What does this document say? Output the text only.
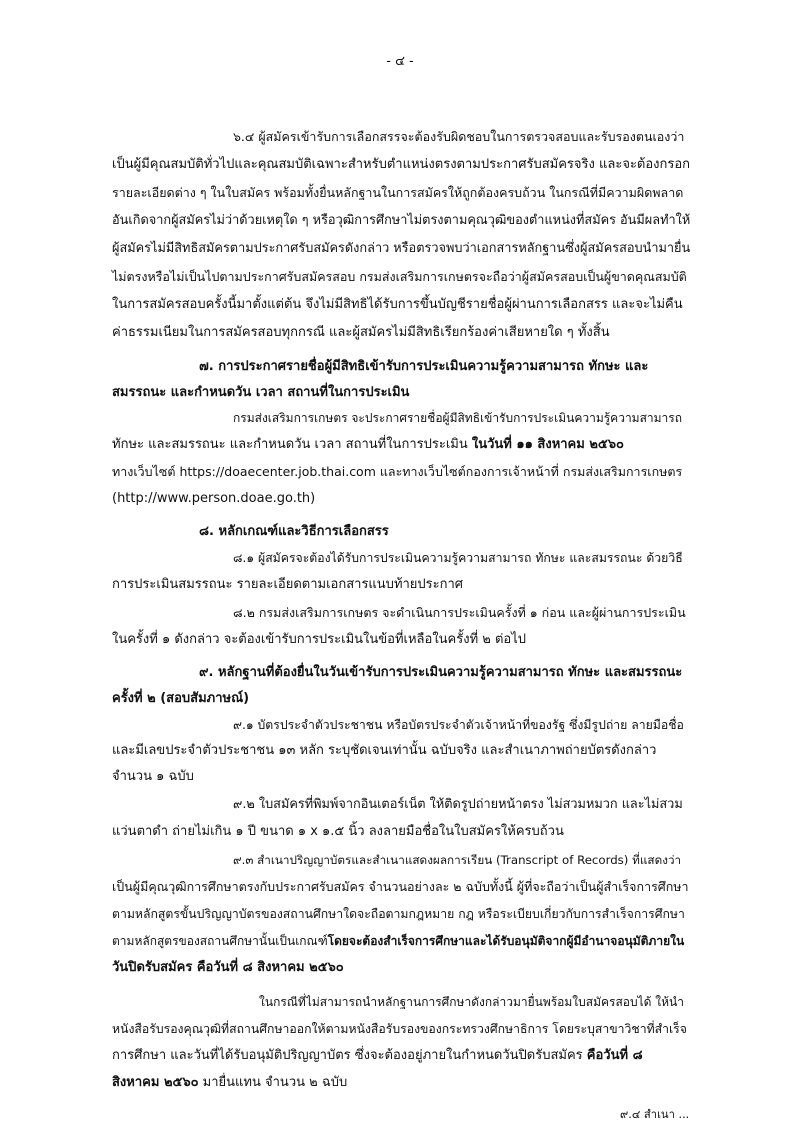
- ๔ -
๖.๔ ผู้สมัครเข้ารับการเลือกสรรจะต้องรับผิดชอบในการตรวจสอบและรับรองตนเองว่า
เป็นผู้มีคุณสมบัติทั่วไปและคุณสมบัติเฉพาะสำหรับตำแหน่งตรงตามประกาศรับสมัครจริง และจะต้องกรอก
รายละเอียดต่าง ๆ ในใบสมัคร พร้อมทั้งยื่นหลักฐานในการสมัครให้ถูกต้องครบถ้วน ในกรณีที่มีความผิดพลาด
อันเกิดจากผู้สมัครไม่ว่าด้วยเหตุใด ๆ หรือวุฒิการศึกษาไม่ตรงตามคุณวุฒิของตำแหน่งที่สมัคร อันมีผลทำให้
ผู้สมัครไม่มีสิทธิสมัครตามประกาศรับสมัครดังกล่าว หรือตรวจพบว่าเอกสารหลักฐานซึ่งผู้สมัครสอบนำมายื่น
ไม่ตรงหรือไม่เป็นไปตามประกาศรับสมัครสอบ กรมส่งเสริมการเกษตรจะถือว่าผู้สมัครสอบเป็นผู้ขาดคุณสมบัติ
ในการสมัครสอบครั้งนี้มาตั้งแต่ต้น จึงไม่มีสิทธิได้รับการขึ้นบัญชีรายชื่อผู้ผ่านการเลือกสรร และจะไม่คืน
ค่าธรรมเนียมในการสมัครสอบทุกกรณี และผู้สมัครไม่มีสิทธิเรียกร้องค่าเสียหายใด ๆ ทั้งสิ้น
๗. การประกาศรายชื่อผู้มีสิทธิเข้ารับการประเมินความรู้ความสามารถ ทักษะ และ
สมรรถนะ และกำหนดวัน เวลา สถานที่ในการประเมิน
กรมส่งเสริมการเกษตร จะประกาศรายชื่อผู้มีสิทธิเข้ารับการประเมินความรู้ความสามารถ
ทักษะ และสมรรถนะ และกำหนดวัน เวลา สถานที่ในการประเมิน ในวันที่ ๑๑ สิงหาคม ๒๕๖๐
ทางเว็บไซต์ https://doaecenter.job.thai.com และทางเว็บไซต์กองการเจ้าหน้าที่ กรมส่งเสริมการเกษตร
(http://www.person.doae.go.th)
๘. หลักเกณฑ์และวิธีการเลือกสรร
๘.๑ ผู้สมัครจะต้องได้รับการประเมินความรู้ความสามารถ ทักษะ และสมรรถนะ ด้วยวิธี
การประเมินสมรรถนะ รายละเอียดตามเอกสารแนบท้ายประกาศ
๘.๒ กรมส่งเสริมการเกษตร จะดำเนินการประเมินครั้งที่ ๑ ก่อน และผู้ผ่านการประเมิน
ในครั้งที่ ๑ ดังกล่าว จะต้องเข้ารับการประเมินในข้อที่เหลือในครั้งที่ ๒ ต่อไป
๙. หลักฐานที่ต้องยื่นในวันเข้ารับการประเมินความรู้ความสามารถ ทักษะ และสมรรถนะ
ครั้งที่ ๒ (สอบสัมภาษณ์)
๙.๑ บัตรประจำตัวประชาชน หรือบัตรประจำตัวเจ้าหน้าที่ของรัฐ ซึ่งมีรูปถ่าย ลายมือชื่อ
และมีเลขประจำตัวประชาชน ๑๓ หลัก ระบุชัดเจนเท่านั้น ฉบับจริง และสำเนาภาพถ่ายบัตรดังกล่าว
จำนวน ๑ ฉบับ
๙.๒ ใบสมัครที่พิมพ์จากอินเตอร์เน็ต ให้ติดรูปถ่ายหน้าตรง ไม่สวมหมวก และไม่สวม
แว่นตาดำ ถ่ายไม่เกิน ๑ ปี ขนาด ๑ x ๑.๕ นิ้ว ลงลายมือชื่อในใบสมัครให้ครบถ้วน
๙.๓ สำเนาปริญญาบัตรและสำเนาแสดงผลการเรียน (Transcript of Records) ที่แสดงว่า
เป็นผู้มีคุณวุฒิการศึกษาตรงกับประกาศรับสมัคร จำนวนอย่างละ ๒ ฉบับทั้งนี้ ผู้ที่จะถือว่าเป็นผู้สำเร็จการศึกษา
ตามหลักสูตรขั้นปริญญาบัตรของสถานศึกษาใดจะถือตามกฎหมาย กฎ หรือระเบียบเกี่ยวกับการสำเร็จการศึกษา
ตามหลักสูตรของสถานศึกษานั้นเป็นเกณฑ์โดยจะต้องสำเร็จการศึกษาและได้รับอนุมัติจากผู้มีอำนาจอนุมัติภายใน
วันปิดรับสมัคร คือวันที่ ๘ สิงหาคม ๒๕๖๐
ในกรณีที่ไม่สามารถนำหลักฐานการศึกษาดังกล่าวมายื่นพร้อมใบสมัครสอบได้ ให้นำ
หนังสือรับรองคุณวุฒิที่สถานศึกษาออกให้ตามหนังสือรับรองของกระทรวงศึกษาธิการ โดยระบุสาขาวิชาที่สำเร็จ
การศึกษา และวันที่ได้รับอนุมัติปริญญาบัตร ซึ่งจะต้องอยู่ภายในกำหนดวันปิดรับสมัคร คือวันที่ ๘
สิงหาคม ๒๕๖๐ มายื่นแทน จำนวน ๒ ฉบับ
๙.๔ สำเนา ...
